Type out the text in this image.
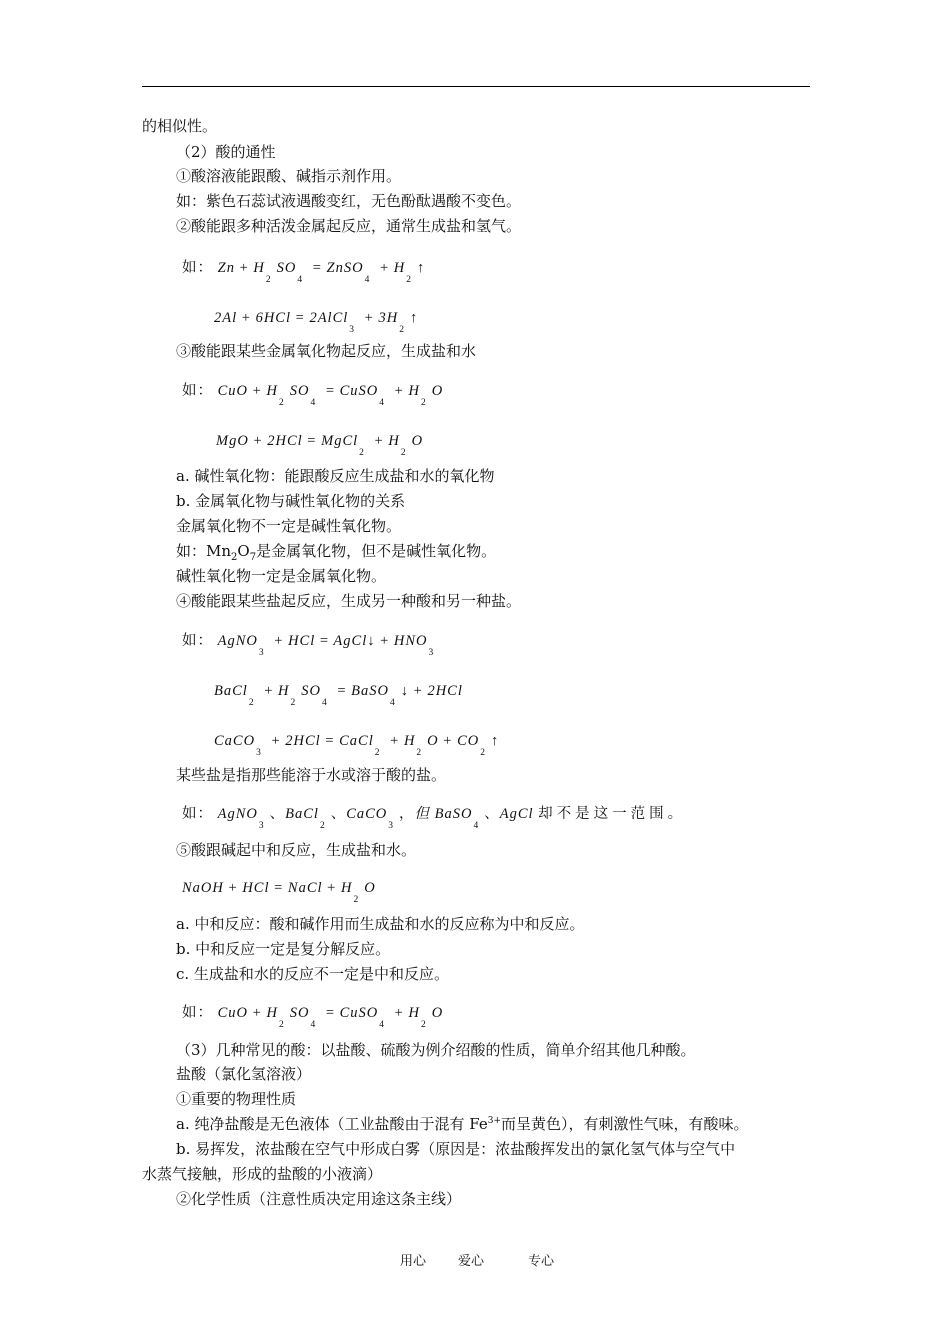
的相似性。
（2）酸的通性
①酸溶液能跟酸、碱指示剂作用。
如：紫色石蕊试液遇酸变红，无色酚酞遇酸不变色。
②酸能跟多种活泼金属起反应，通常生成盐和氢气。
如： $Zn + H_2SO_4$ = ZnSO$_4$ + $H_2↑$
2Al + 6HCl = 2AlCl$_3$ + $3H_2↑$
③酸能跟某些金属氧化物起反应，生成盐和水
如： CuO + $H_2SO_4$ = CuSO$_4$ + $H_2O$
MgO + 2HCl = MgCl$_2$ + $H_2O$
a. 碱性氧化物：能跟酸反应生成盐和水的氧化物
b. 金属氧化物与碱性氧化物的关系
金属氧化物不一定是碱性氧化物。
如：$Mn_2O_7$是金属氧化物，但不是碱性氧化物。
碱性氧化物一定是金属氧化物。
④酸能跟某些盐起反应，生成另一种酸和另一种盐。
如： AgNO$_3$ + HCl = AgCl↓ + $HNO_3$
BaCl$_2$ + $H_2SO_4$ = BaSO$_4$↓ + 2HCl
CaCO$_3$ + 2HCl = CaCl$_2$ + $H_2O$ + $CO_2↑$
某些盐是指那些能溶于水或溶于酸的盐。
如： AgNO$_3$、BaCl$_2$、CaCO$_3$，但 BaSO$_4$、AgCl 却不是这一范围。
⑤酸跟碱起中和反应，生成盐和水。
NaOH + HCl = NaCl + $H_2O$
a. 中和反应：酸和碱作用而生成盐和水的反应称为中和反应。
b. 中和反应一定是复分解反应。
c. 生成盐和水的反应不一定是中和反应。
如： CuO + $H_2SO_4$ = CuSO$_4$ + $H_2O$
（3）几种常见的酸：以盐酸、硫酸为例介绍酸的性质，简单介绍其他几种酸。
盐酸（氯化氢溶液）
①重要的物理性质
a. 纯净盐酸是无色液体（工业盐酸由于混有 $Fe^{3+}$而呈黄色），有刺激性气味，有酸味。
b. 易挥发，浓盐酸在空气中形成白雾（原因是：浓盐酸挥发出的氯化氢气体与空气中
水蒸气接触，形成的盐酸的小液滴）
②化学性质（注意性质决定用途这条主线）
用心 爱心	专心
